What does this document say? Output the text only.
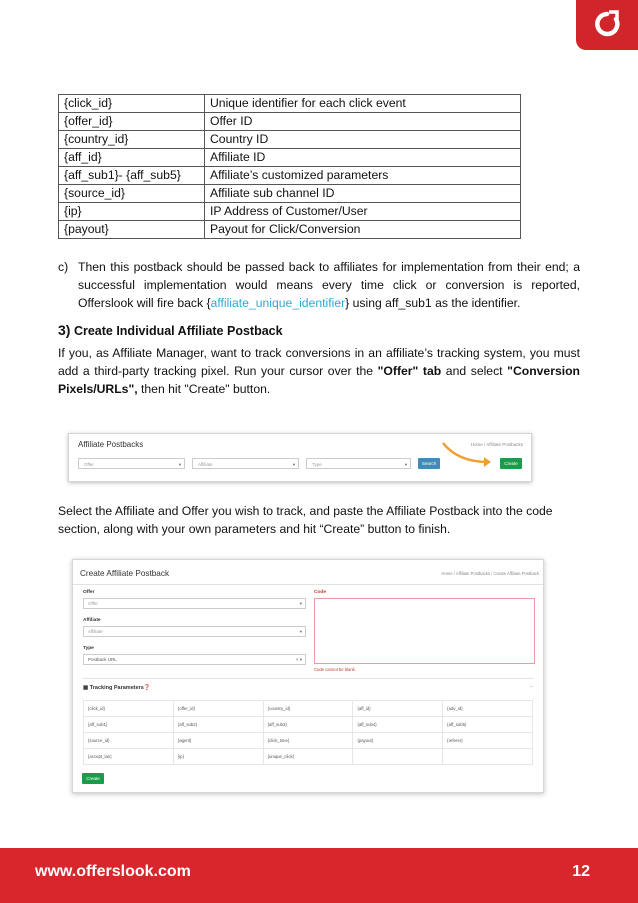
{click_id}	Unique identifier for each click event
{offer_id}	Offer ID
{country_id}	Country ID
{aff_id}	Affiliate ID
{aff_sub1}- {aff_sub5}	Affiliate’s customized parameters
{source_id}	Affiliate sub channel ID
{ip}	IP Address of Customer/User
{payout}	Payout for Click/Conversion
c) Then this postback should be passed back to affiliates for implementation from their end; a successful implementation would means every time click or conversion is reported, Offerslook will fire back {affiliate_unique_identifier} using aff_sub1 as the identifier.
3) Create Individual Affiliate Postback
If you, as Affiliate Manager, want to track conversions in an affiliate’s tracking system, you must add a third-party tracking pixel. Run your cursor over the "Offer" tab and select "Conversion Pixels/URLs", then hit "Create" button.
Affiliate Postbacks	Home / Affiliate Postbacks
Offer	▾	Affiliate	▾	Type	▾	Search	Create
Select the Affiliate and Offer you wish to track, and paste the Affiliate Postback into the code section, along with your own parameters and hit “Create” button to finish.
Create Affiliate Postback	Home / Affiliate Postbacks / Create Affiliate Postback
Offer
Offer	▾
Affiliate
Affiliate	▾
Type
Postback URL	× ▾
Code
Code cannot be blank.
▦ Tracking Parameters❓	−
{click_id}	{offer_id}	{country_id}	{aff_id}	{adv_id}
{aff_sub1}	{aff_sub2}	{aff_sub3}	{aff_sub4}	{aff_sub5}
{source_id}	{agent}	{click_time}	{payout}	{referer}
{accept_lan}	{ip}	{unique_click}		
Create
www.offerslook.com	12
